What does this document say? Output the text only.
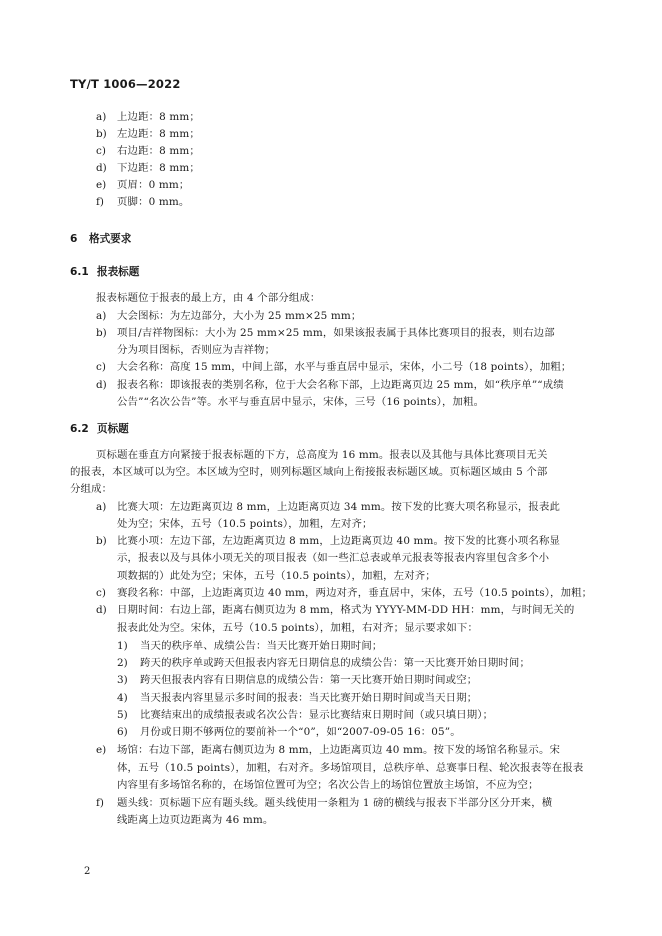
TY/T 1006—2022
a) 上边距：8 mm；
b) 左边距：8 mm；
c) 右边距：8 mm；
d) 下边距：8 mm；
e) 页眉：0 mm；
f) 页脚：0 mm。
6 格式要求
6.1 报表标题

报表标题位于报表的最上方，由 4 个部分组成：

a) 大会图标：为左边部分，大小为 25 mm×25 mm；
b) 项目/吉祥物图标：大小为 25 mm×25 mm，如果该报表属于具体比赛项目的报表，则右边部
分为项目图标，否则应为吉祥物；
c) 大会名称：高度 15 mm，中间上部，水平与垂直居中显示，宋体，小二号（18 points），加粗；
d) 报表名称：即该报表的类别名称，位于大会名称下部，上边距离页边 25 mm，如“秩序单”“成绩
公告”“名次公告”等。水平与垂直居中显示，宋体，三号（16 points），加粗。
6.2 页标题

页标题在垂直方向紧接于报表标题的下方，总高度为 16 mm。报表以及其他与具体比赛项目无关

的报表，本区域可以为空。本区域为空时，则列标题区域向上衔接报表标题区域。页标题区域由 5 个部

分组成：

a) 比赛大项：左边距离页边 8 mm，上边距离页边 34 mm。按下发的比赛大项名称显示，报表此
处为空；宋体，五号（10.5 points），加粗，左对齐；
b) 比赛小项：左边下部，左边距离页边 8 mm，上边距离页边 40 mm。按下发的比赛小项名称显
示，报表以及与具体小项无关的项目报表（如一些汇总表或单元报表等报表内容里包含多个小
项数据的）此处为空；宋体，五号（10.5 points），加粗，左对齐；
c) 赛段名称：中部，上边距离页边 40 mm，两边对齐，垂直居中，宋体，五号（10.5 points），加粗；
d) 日期时间：右边上部，距离右侧页边为 8 mm，格式为 YYYY-MM-DD HH：mm，与时间无关的
报表此处为空。宋体，五号（10.5 points），加粗，右对齐；显示要求如下：
1) 当天的秩序单、成绩公告：当天比赛开始日期时间；
2) 跨天的秩序单或跨天但报表内容无日期信息的成绩公告：第一天比赛开始日期时间；
3) 跨天但报表内容有日期信息的成绩公告：第一天比赛开始日期时间或空；
4) 当天报表内容里显示多时间的报表：当天比赛开始日期时间或当天日期；
5) 比赛结束出的成绩报表或名次公告：显示比赛结束日期时间（或只填日期）；
6) 月份或日期不够两位的要前补一个“0”，如“2007-09-05 16：05”。
e) 场馆：右边下部，距离右侧页边为 8 mm，上边距离页边 40 mm。按下发的场馆名称显示。宋
体，五号（10.5 points），加粗，右对齐。多场馆项目，总秩序单、总赛事日程、轮次报表等在报表
内容里有多场馆名称的，在场馆位置可为空；名次公告上的场馆位置放主场馆，不应为空；
f) 题头线：页标题下应有题头线。题头线使用一条粗为 1 磅的横线与报表下半部分区分开来，横
线距离上边页边距离为 46 mm。
2
